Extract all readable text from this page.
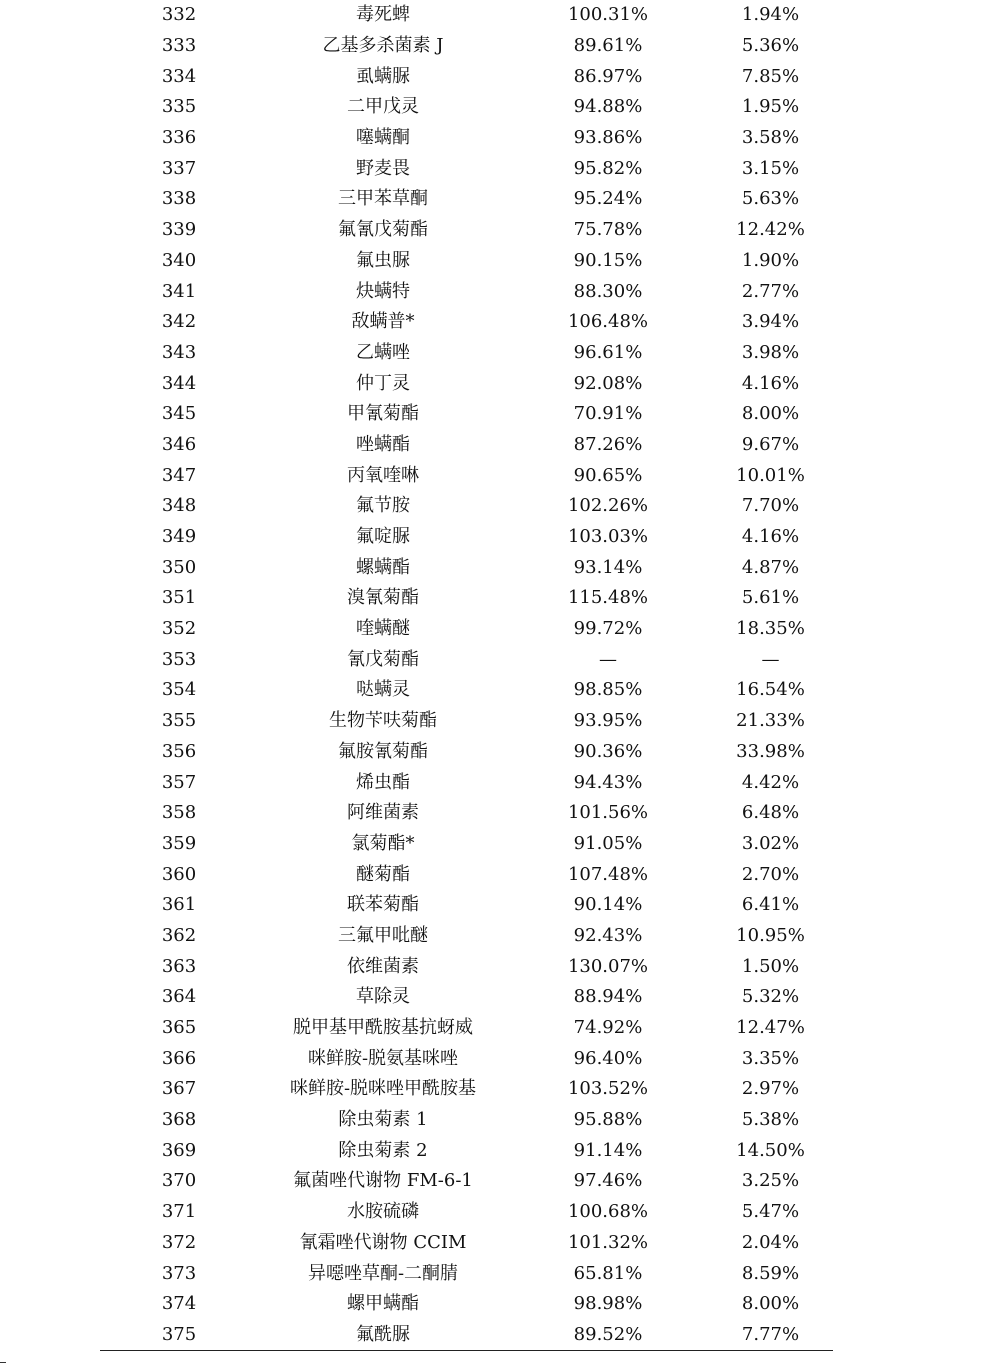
332	毒死蜱	100.31%	1.94%
333	乙基多杀菌素 J	89.61%	5.36%
334	虱螨脲	86.97%	7.85%
335	二甲戊灵	94.88%	1.95%
336	噻螨酮	93.86%	3.58%
337	野麦畏	95.82%	3.15%
338	三甲苯草酮	95.24%	5.63%
339	氟氰戊菊酯	75.78%	12.42%
340	氟虫脲	90.15%	1.90%
341	炔螨特	88.30%	2.77%
342	敌螨普*	106.48%	3.94%
343	乙螨唑	96.61%	3.98%
344	仲丁灵	92.08%	4.16%
345	甲氰菊酯	70.91%	8.00%
346	唑螨酯	87.26%	9.67%
347	丙氧喹啉	90.65%	10.01%
348	氟节胺	102.26%	7.70%
349	氟啶脲	103.03%	4.16%
350	螺螨酯	93.14%	4.87%
351	溴氰菊酯	115.48%	5.61%
352	喹螨醚	99.72%	18.35%
353	氰戊菊酯	—	—
354	哒螨灵	98.85%	16.54%
355	生物苄呋菊酯	93.95%	21.33%
356	氟胺氰菊酯	90.36%	33.98%
357	烯虫酯	94.43%	4.42%
358	阿维菌素	101.56%	6.48%
359	氯菊酯*	91.05%	3.02%
360	醚菊酯	107.48%	2.70%
361	联苯菊酯	90.14%	6.41%
362	三氟甲吡醚	92.43%	10.95%
363	依维菌素	130.07%	1.50%
364	草除灵	88.94%	5.32%
365	脱甲基甲酰胺基抗蚜威	74.92%	12.47%
366	咪鲜胺-脱氨基咪唑	96.40%	3.35%
367	咪鲜胺-脱咪唑甲酰胺基	103.52%	2.97%
368	除虫菊素 1	95.88%	5.38%
369	除虫菊素 2	91.14%	14.50%
370	氟菌唑代谢物 FM-6-1	97.46%	3.25%
371	水胺硫磷	100.68%	5.47%
372	氰霜唑代谢物 CCIM	101.32%	2.04%
373	异噁唑草酮-二酮腈	65.81%	8.59%
374	螺甲螨酯	98.98%	8.00%
375	氟酰脲	89.52%	7.77%
